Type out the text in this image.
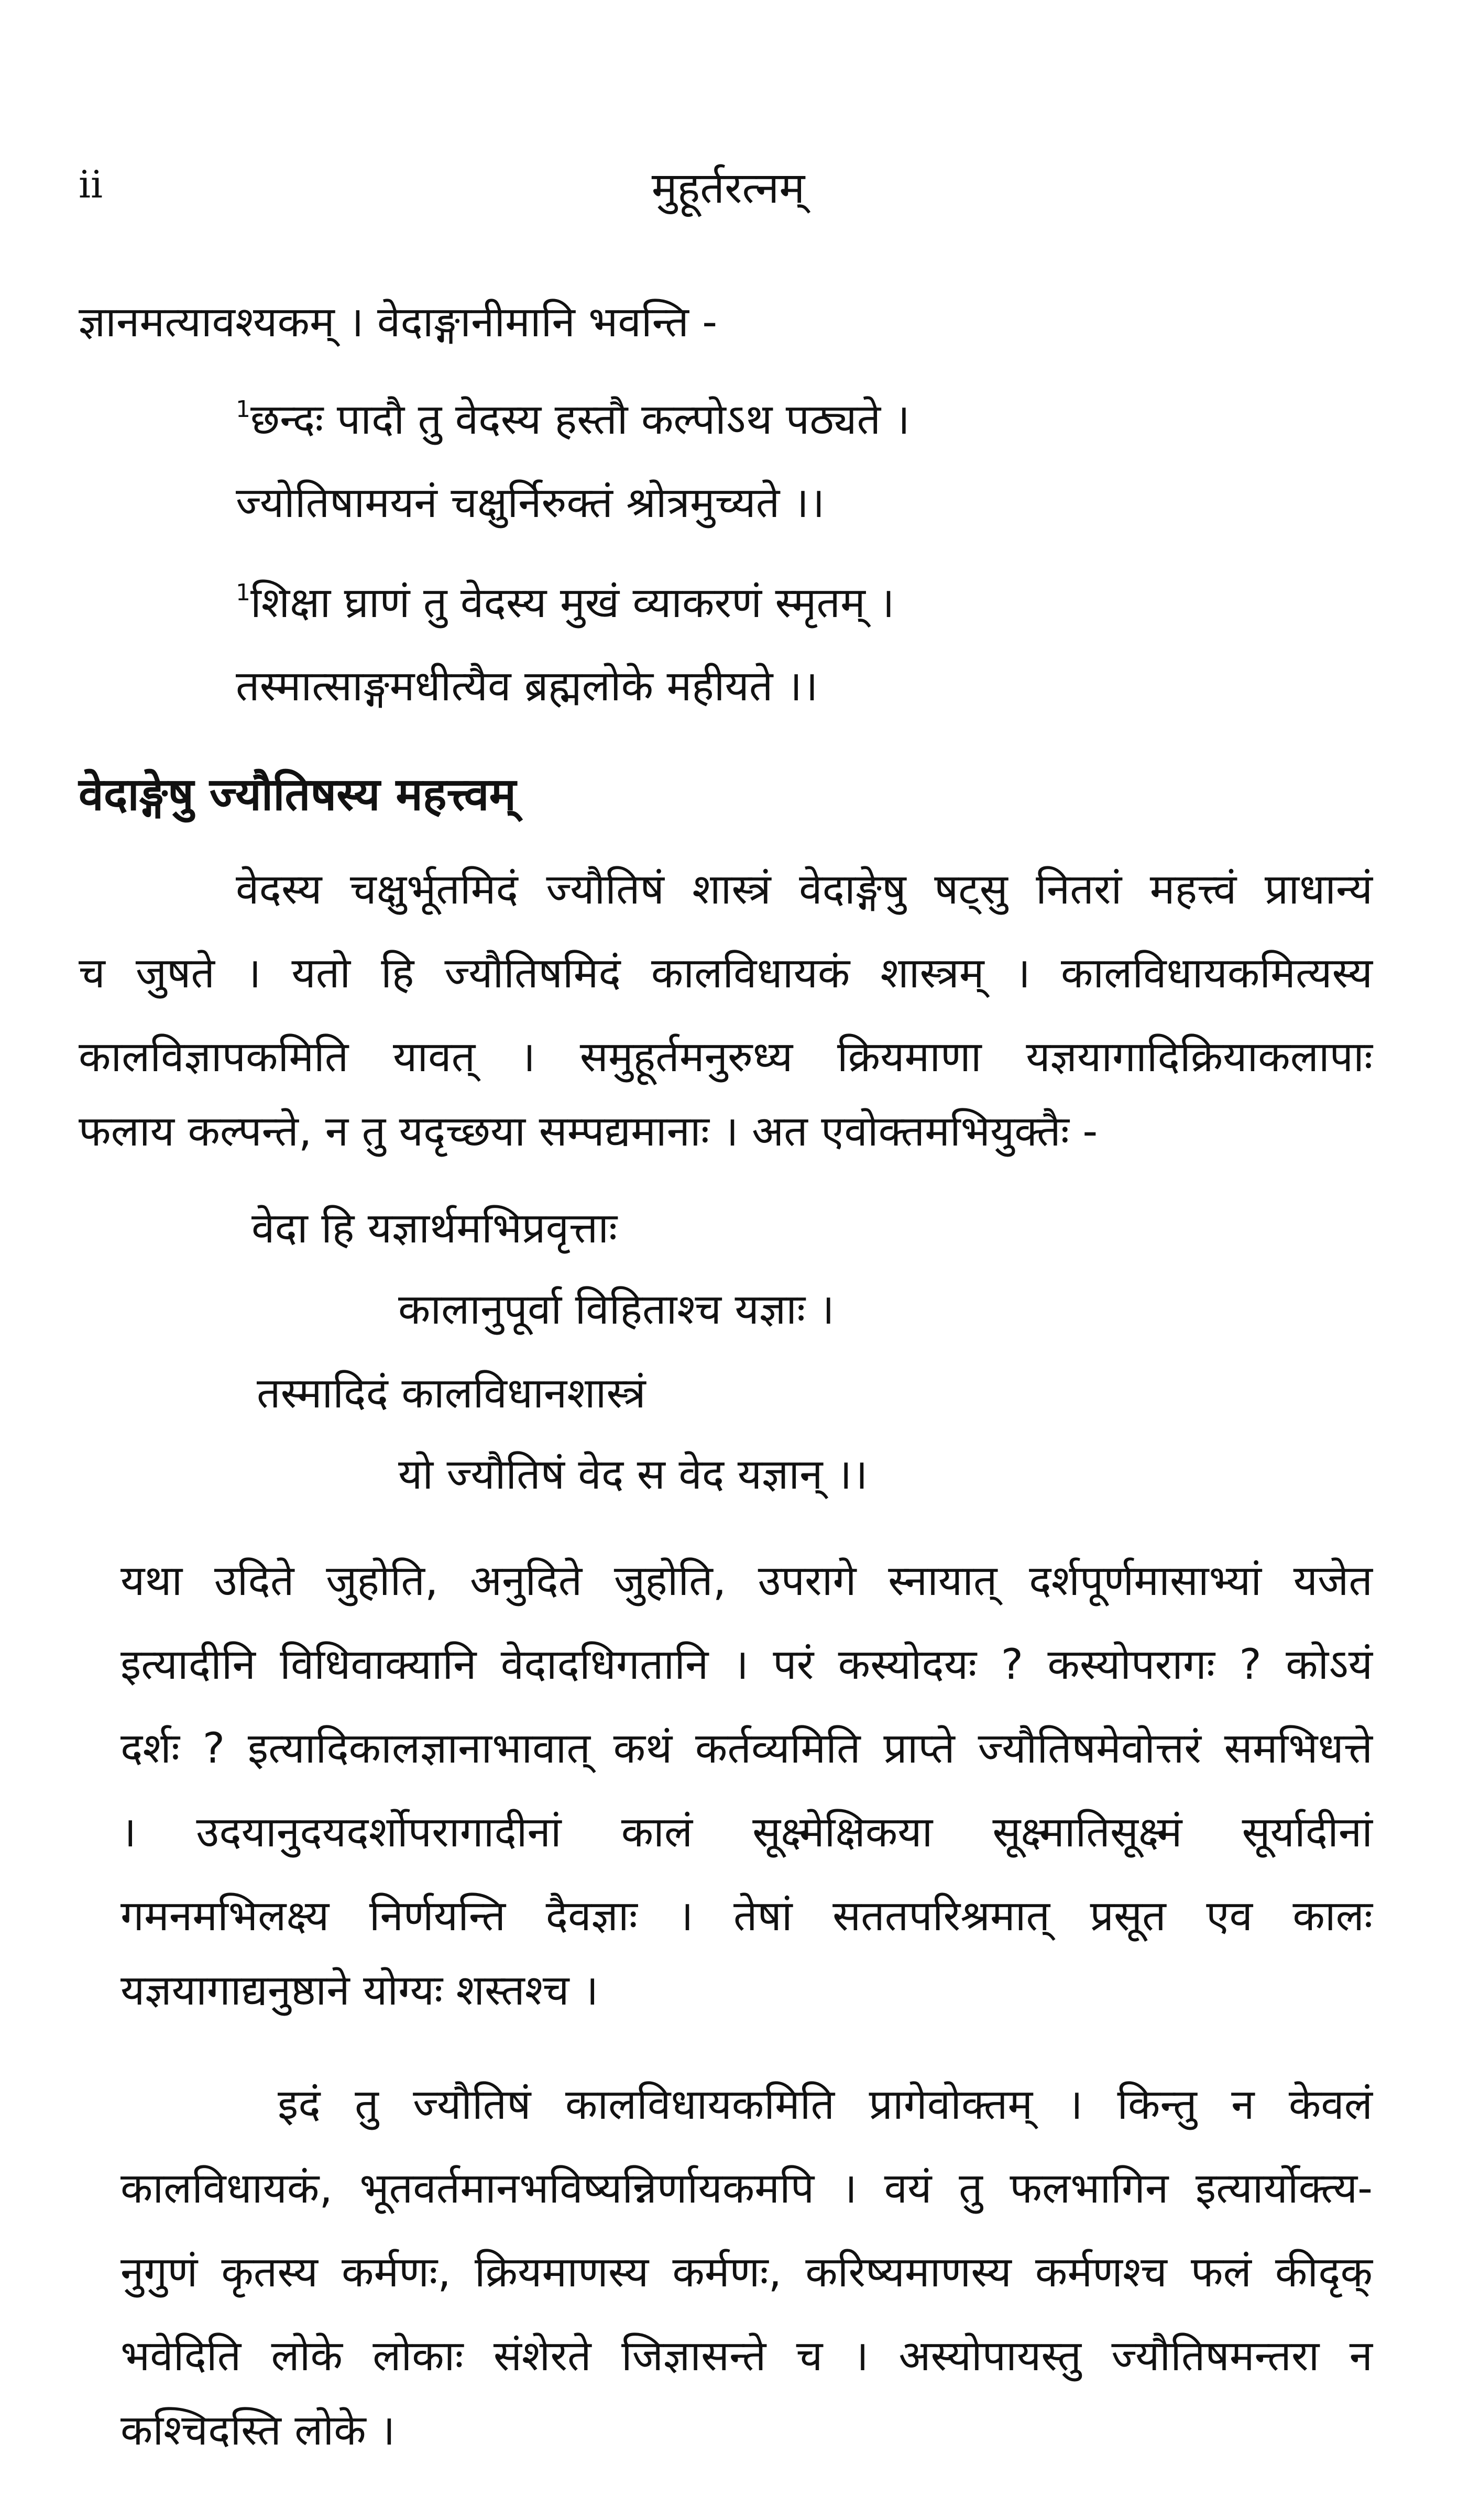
ii	मुहूर्तरत्नम्
ज्ञानमत्यावश्यकम् । वेदाङ्गानीमानि भवन्ति -
$^1$छन्दः पादौ तु वेदस्य हस्तौ कल्पोऽथ पठ्यते ।
ज्योतिषामयनं चक्षुर्निरुक्तं श्रोत्रमुच्यते ।।
$^1$शिक्षा घ्राणं तु वेदस्य मुखं व्याकरणं स्मृतम् ।
तस्मात्साङ्गमधीत्यैव ब्रह्मलोके महीयते ।।
वेदाङ्गेषु ज्यौतिषस्य महत्त्वम्
वेदस्य चक्षुर्भूतमिदं ज्यौतिषं शास्त्रं वेदाङ्गेषु षट्सु नितरां महत्त्वं प्राधान्यं
च जुषते । यतो हि ज्यौतिषमिदं कालविधायकं शास्त्रम् । कालविधायकमित्यस्य
कालविज्ञापकमिति यावत् । समुहूर्तमनुरुध्य क्रियमाणा यज्ञयागादिक्रियाकलापाः
फलाय कल्पन्ते, न तु यदृच्छया सम्पद्यमानाः । अत एवोक्तमभियुक्तैः -
वेदा हि यज्ञार्थमभिप्रवृत्ताः
कालानुपूर्वा विहिताश्च यज्ञाः ।
तस्मादिदं कालविधानशास्त्रं
यो ज्यौतिषं वेद स वेद यज्ञान् ।।
यथा उदिते जुहोति, अनुदिते जुहोति, उपरागे स्नायात् दर्शपूर्णमासाभ्यां यजेत
इत्यादीनि विधिवाक्यानि वेदादधिगतानि । परं कस्योदयः ? कस्योपरागः ? कोऽयं
दर्शः ? इत्यादिकालज्ञानाभावात् कथं कर्तव्यमिति प्राप्ते ज्यौतिषमेवोत्तरं समभिधत्ते
। उदयानुदयदर्शोपरागादीनां कालं सूक्ष्मेक्षिकया सूक्ष्मातिसूक्ष्मं सूर्यादीनां
गमनमभिलक्ष्य निर्णयन्ति दैवज्ञाः । तेषां सततपरिश्रमात् प्रसूत एव कालः
यज्ञयागाद्यनुष्ठाने योग्यः शस्तश्च ।
इदं तु ज्यौतिषं कालविधायकमिति प्रागेवोक्तम् । किन्तु न केवलं
कालविधायकं, भूतवर्तमानभविष्यन्निर्णायकमपि । वयं तु फलभागिन इत्यार्योक्त्य-
नुगुणं कृतस्य कर्मणः, क्रियमाणस्य कर्मणः, करिष्यमाणस्य कर्मणश्च फलं कीदृक्
भवेदिति लोके लोकाः संशेरते जिज्ञासन्ते च । अस्योपायस्तु ज्यौतिषमन्तरा न
कश्चिदस्ति लोके ।
